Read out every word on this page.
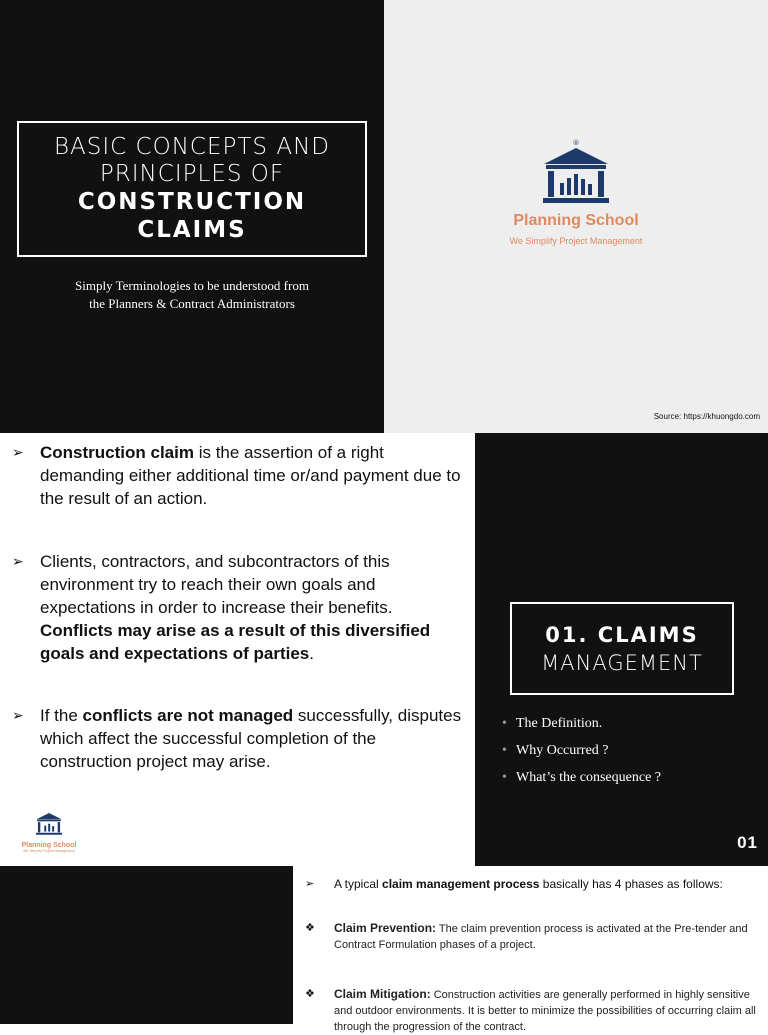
BASIC CONCEPTS AND
PRINCIPLES OF
CONSTRUCTION
CLAIMS
Simply Terminologies to be understood from
the Planners & Contract Administrators
®
Planning School
We Simplify Project Management
Source: https://khuongdo.com
➢ Construction claim is the assertion of a right demanding either additional time or/and payment due to the result of an action.
➢ Clients, contractors, and subcontractors of this environment try to reach their own goals and expectations in order to increase their benefits. Conflicts may arise as a result of this diversified goals and expectations of parties.
➢ If the conflicts are not managed successfully, disputes which affect the successful completion of the construction project may arise.
Planning School
We Simplify Project Management
01. CLAIMS
MANAGEMENT
• The Definition.
• Why Occurred ?
• What’s the consequence ?
01
➢	A typical claim management process basically has 4 phases as follows:
❖	Claim Prevention: The claim prevention process is activated at the Pre-tender and Contract Formulation phases of a project.
❖	Claim Mitigation: Construction activities are generally performed in highly sensitive and outdoor environments. It is better to minimize the possibilities of occurring claim all through the progression of the contract.
